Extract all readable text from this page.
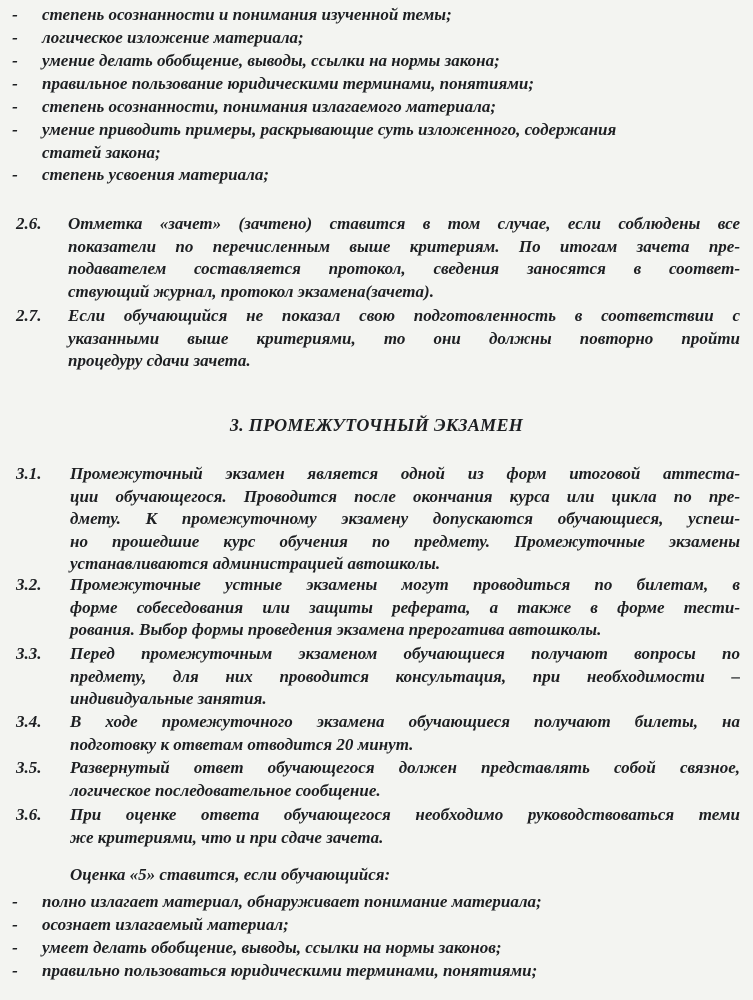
- степень осознанности и понимания изученной темы;
- логическое изложение материала;
- умение делать обобщение, выводы, ссылки на нормы закона;
- правильное пользование юридическими терминами, понятиями;
- степень осознанности, понимания излагаемого материала;
- умение приводить примеры, раскрывающие суть изложенного, содержания
статей закона;
- степень усвоения материала;
2.6. Отметка «зачет» (зачтено) ставится в том случае, если соблюдены все
показатели по перечисленным выше критериям. По итогам зачета пре-
подавателем составляется протокол, сведения заносятся в соответ-
ствующий журнал, протокол экзамена(зачета).
2.7. Если обучающийся не показал свою подготовленность в соответствии с
указанными выше критериями, то они должны повторно пройти
процедуру сдачи зачета.
3. ПРОМЕЖУТОЧНЫЙ ЭКЗАМЕН
3.1. Промежуточный экзамен является одной из форм итоговой аттеста-
ции обучающегося. Проводится после окончания курса или цикла по пре-
дмету. К промежуточному экзамену допускаются обучающиеся, успеш-
но прошедшие курс обучения по предмету. Промежуточные экзамены
устанавливаются администрацией автошколы.
3.2. Промежуточные устные экзамены могут проводиться по билетам, в
форме собеседования или защиты реферата, а также в форме тести-
рования. Выбор формы проведения экзамена прерогатива автошколы.
3.3. Перед промежуточным экзаменом обучающиеся получают вопросы по
предмету, для них проводится консультация, при необходимости –
индивидуальные занятия.
3.4. В ходе промежуточного экзамена обучающиеся получают билеты, на
подготовку к ответам отводится 20 минут.
3.5. Развернутый ответ обучающегося должен представлять собой связное,
логическое последовательное сообщение.
3.6. При оценке ответа обучающегося необходимо руководствоваться теми
же критериями, что и при сдаче зачета.
Оценка «5» ставится, если обучающийся:
- полно излагает материал, обнаруживает понимание материала;
- осознает излагаемый материал;
- умеет делать обобщение, выводы, ссылки на нормы законов;
- правильно пользоваться юридическими терминами, понятиями;
